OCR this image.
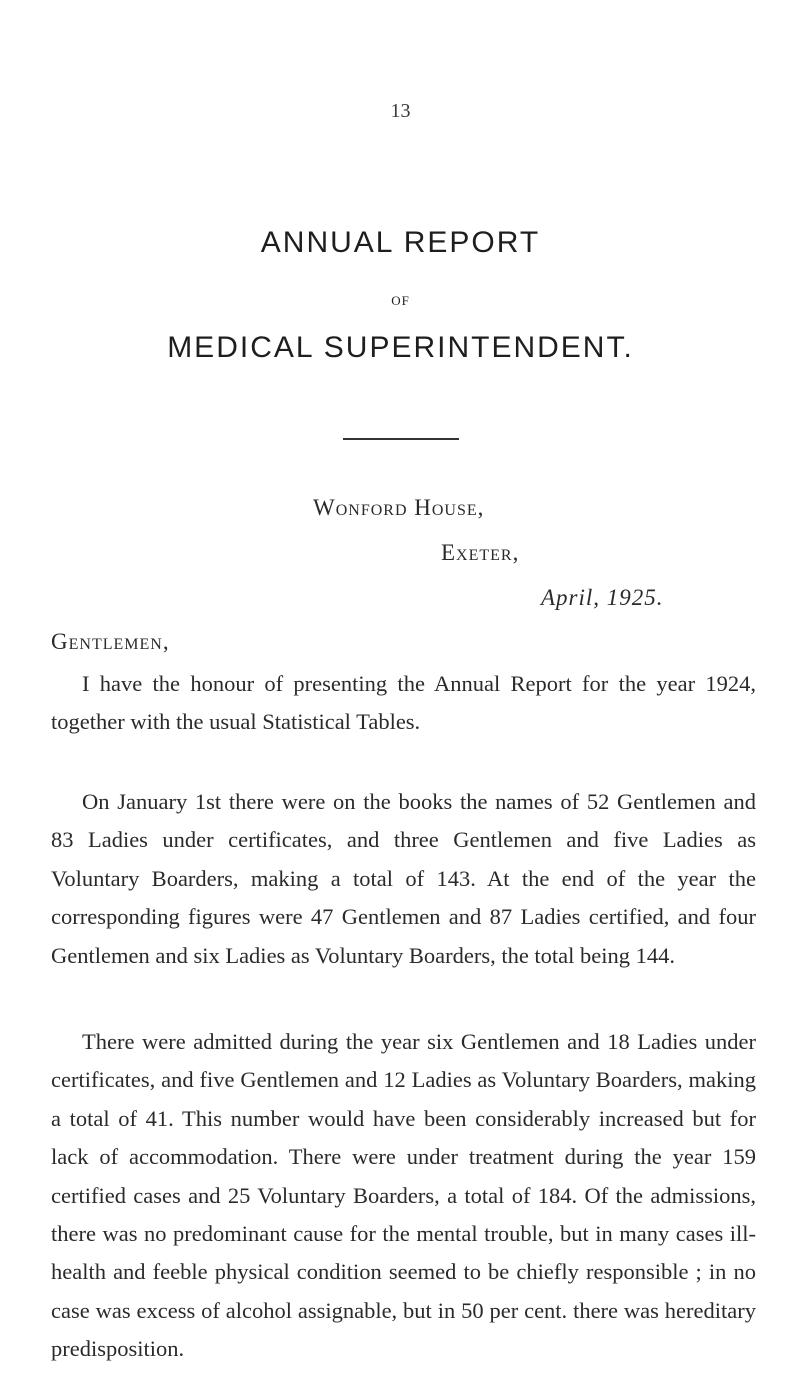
13
ANNUAL REPORT
OF
MEDICAL SUPERINTENDENT.
Wonford House,
Exeter,
April, 1925.
Gentlemen,

I have the honour of presenting the Annual Report for the year 1924, together with the usual Statistical Tables.

On January 1st there were on the books the names of 52 Gentlemen and 83 Ladies under certificates, and three Gentlemen and five Ladies as Voluntary Boarders, making a total of 143. At the end of the year the corresponding figures were 47 Gentlemen and 87 Ladies certified, and four Gentlemen and six Ladies as Voluntary Boarders, the total being 144.

There were admitted during the year six Gentlemen and 18 Ladies under certificates, and five Gentlemen and 12 Ladies as Voluntary Boarders, making a total of 41. This number would have been considerably increased but for lack of accommodation. There were under treatment during the year 159 certified cases and 25 Voluntary Boarders, a total of 184. Of the admissions, there was no predominant cause for the mental trouble, but in many cases ill-health and feeble physical condition seemed to be chiefly responsible ; in no case was excess of alcohol assignable, but in 50 per cent. there was hereditary predisposition.
